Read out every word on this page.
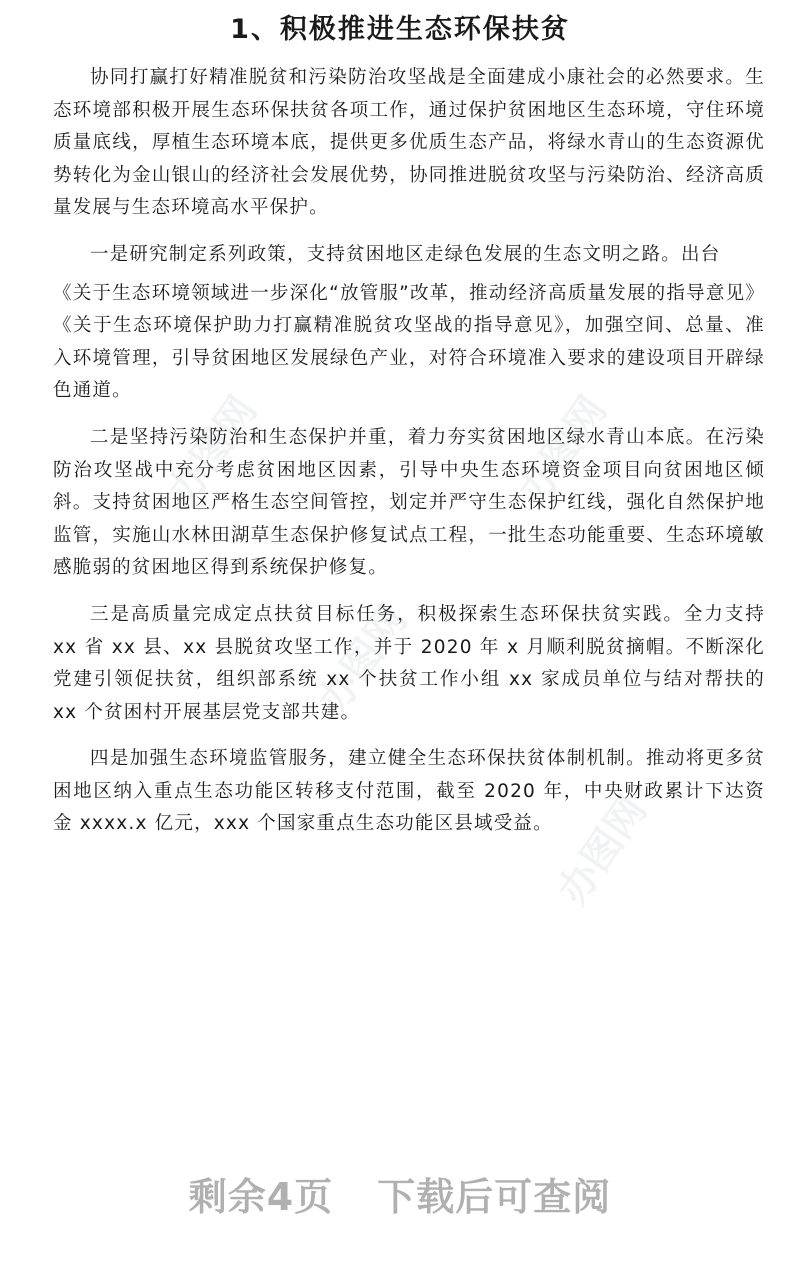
1、积极推进生态环保扶贫

协同打赢打好精准脱贫和污染防治攻坚战是全面建成小康社会的必然要求。生态环境部积极开展生态环保扶贫各项工作，通过保护贫困地区生态环境，守住环境质量底线，厚植生态环境本底，提供更多优质生态产品，将绿水青山的生态资源优势转化为金山银山的经济社会发展优势，协同推进脱贫攻坚与污染防治、经济高质量发展与生态环境高水平保护。

一是研究制定系列政策，支持贫困地区走绿色发展的生态文明之路。出台

《关于生态环境领域进一步深化“放管服”改革，推动经济高质量发展的指导意见》《关于生态环境保护助力打赢精准脱贫攻坚战的指导意见》，加强空间、总量、准入环境管理，引导贫困地区发展绿色产业，对符合环境准入要求的建设项目开辟绿色通道。

二是坚持污染防治和生态保护并重，着力夯实贫困地区绿水青山本底。在污染防治攻坚战中充分考虑贫困地区因素，引导中央生态环境资金项目向贫困地区倾斜。支持贫困地区严格生态空间管控，划定并严守生态保护红线，强化自然保护地监管，实施山水林田湖草生态保护修复试点工程，一批生态功能重要、生态环境敏感脆弱的贫困地区得到系统保护修复。

三是高质量完成定点扶贫目标任务，积极探索生态环保扶贫实践。全力支持 xx 省 xx 县、xx 县脱贫攻坚工作，并于 2020 年 x 月顺利脱贫摘帽。不断深化党建引领促扶贫，组织部系统 xx 个扶贫工作小组 xx 家成员单位与结对帮扶的 xx 个贫困村开展基层党支部共建。

四是加强生态环境监管服务，建立健全生态环保扶贫体制机制。推动将更多贫困地区纳入重点生态功能区转移支付范围，截至 2020 年，中央财政累计下达资金 xxxx.x 亿元，xxx 个国家重点生态功能区县域受益。

办图网	办图网
办图网
办图网
剩余4页 下载后可查阅
